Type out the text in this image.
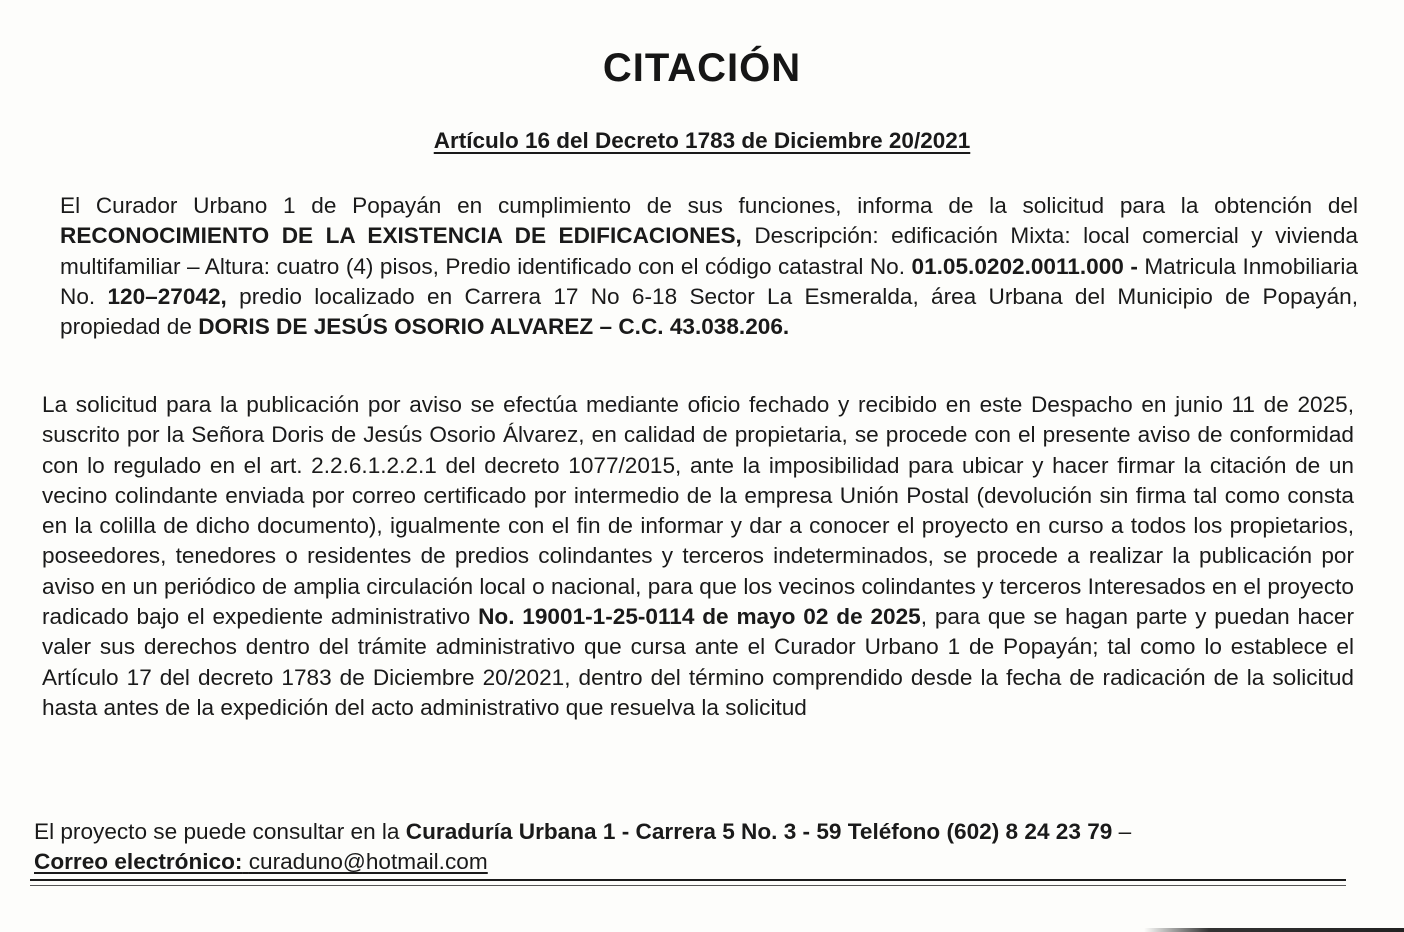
CITACIÓN
Artículo 16 del Decreto 1783 de Diciembre 20/2021

El Curador Urbano 1 de Popayán en cumplimiento de sus funciones, informa de la solicitud para la obtención del RECONOCIMIENTO DE LA EXISTENCIA DE EDIFICACIONES, Descripción: edificación Mixta: local comercial y vivienda multifamiliar – Altura: cuatro (4) pisos, Predio identificado con el código catastral No. 01.05.0202.0011.000 - Matricula Inmobiliaria No. 120–27042, predio localizado en Carrera 17 No 6-18 Sector La Esmeralda, área Urbana del Municipio de Popayán, propiedad de DORIS DE JESÚS OSORIO ALVAREZ – C.C. 43.038.206.

La solicitud para la publicación por aviso se efectúa mediante oficio fechado y recibido en este Despacho en junio 11 de 2025, suscrito por la Señora Doris de Jesús Osorio Álvarez, en calidad de propietaria, se procede con el presente aviso de conformidad con lo regulado en el art. 2.2.6.1.2.2.1 del decreto 1077/2015, ante la imposibilidad para ubicar y hacer firmar la citación de un vecino colindante enviada por correo certificado por intermedio de la empresa Unión Postal (devolución sin firma tal como consta en la colilla de dicho documento), igualmente con el fin de informar y dar a conocer el proyecto en curso a todos los propietarios, poseedores, tenedores o residentes de predios colindantes y terceros indeterminados, se procede a realizar la publicación por aviso en un periódico de amplia circulación local o nacional, para que los vecinos colindantes y terceros Interesados en el proyecto radicado bajo el expediente administrativo No. 19001-1-25-0114 de mayo 02 de 2025, para que se hagan parte y puedan hacer valer sus derechos dentro del trámite administrativo que cursa ante el Curador Urbano 1 de Popayán; tal como lo establece el Artículo 17 del decreto 1783 de Diciembre 20/2021, dentro del término comprendido desde la fecha de radicación de la solicitud hasta antes de la expedición del acto administrativo que resuelva la solicitud

El proyecto se puede consultar en la Curaduría Urbana 1 - Carrera 5 No. 3 - 59 Teléfono (602) 8 24 23 79 –
Correo electrónico: curaduno@hotmail.com
